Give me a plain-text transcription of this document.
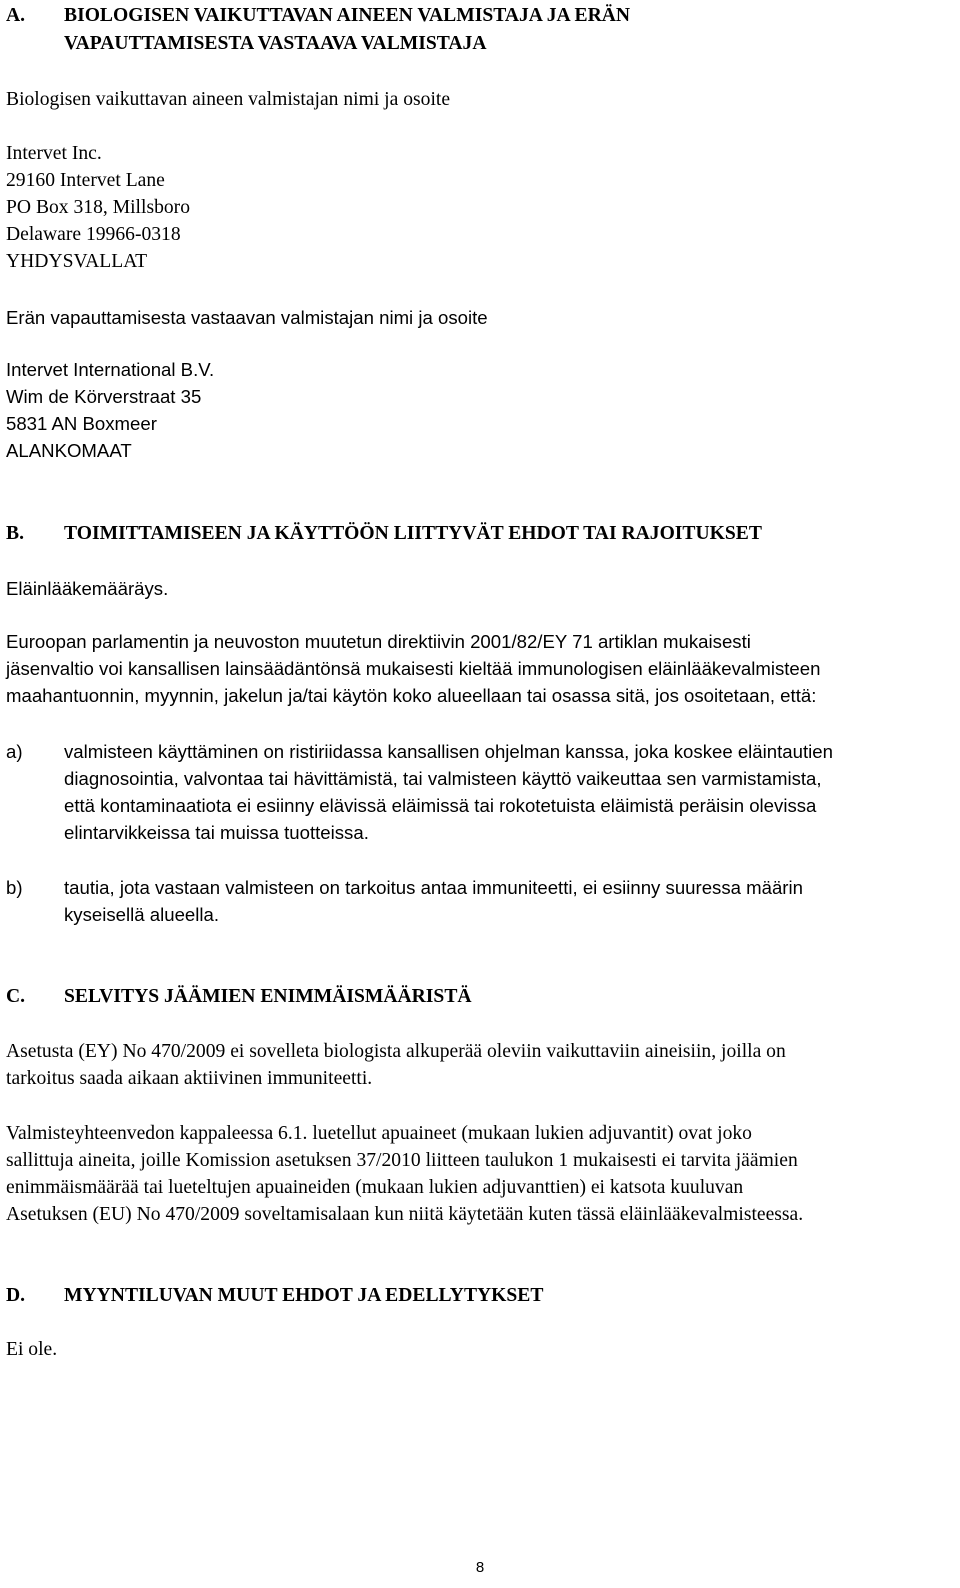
A. BIOLOGISEN VAIKUTTAVAN AINEEN VALMISTAJA JA ERÄN
VAPAUTTAMISESTA VASTAAVA VALMISTAJA
Biologisen vaikuttavan aineen valmistajan nimi ja osoite
Intervet Inc.
29160 Intervet Lane
PO Box 318, Millsboro
Delaware 19966-0318
YHDYSVALLAT
Erän vapauttamisesta vastaavan valmistajan nimi ja osoite
Intervet International B.V.
Wim de Körverstraat 35
5831 AN Boxmeer
ALANKOMAAT
B. TOIMITTAMISEEN JA KÄYTTÖÖN LIITTYVÄT EHDOT TAI RAJOITUKSET
Eläinlääkemääräys.
Euroopan parlamentin ja neuvoston muutetun direktiivin 2001/82/EY 71 artiklan mukaisesti
jäsenvaltio voi kansallisen lainsäädäntönsä mukaisesti kieltää immunologisen eläinlääkevalmisteen
maahantuonnin, myynnin, jakelun ja/tai käytön koko alueellaan tai osassa sitä, jos osoitetaan, että:
a) valmisteen käyttäminen on ristiriidassa kansallisen ohjelman kanssa, joka koskee eläintautien
diagnosointia, valvontaa tai hävittämistä, tai valmisteen käyttö vaikeuttaa sen varmistamista,
että kontaminaatiota ei esiinny elävissä eläimissä tai rokotetuista eläimistä peräisin olevissa
elintarvikkeissa tai muissa tuotteissa.
b) tautia, jota vastaan valmisteen on tarkoitus antaa immuniteetti, ei esiinny suuressa määrin
kyseisellä alueella.
C. SELVITYS JÄÄMIEN ENIMMÄISMÄÄRISTÄ
Asetusta (EY) No 470/2009 ei sovelleta biologista alkuperää oleviin vaikuttaviin aineisiin, joilla on
tarkoitus saada aikaan aktiivinen immuniteetti.
Valmisteyhteenvedon kappaleessa 6.1. luetellut apuaineet (mukaan lukien adjuvantit) ovat joko
sallittuja aineita, joille Komission asetuksen 37/2010 liitteen taulukon 1 mukaisesti ei tarvita jäämien
enimmäismäärää tai lueteltujen apuaineiden (mukaan lukien adjuvanttien) ei katsota kuuluvan
Asetuksen (EU) No 470/2009 soveltamisalaan kun niitä käytetään kuten tässä eläinlääkevalmisteessa.
D. MYYNTILUVAN MUUT EHDOT JA EDELLYTYKSET
Ei ole.
8
